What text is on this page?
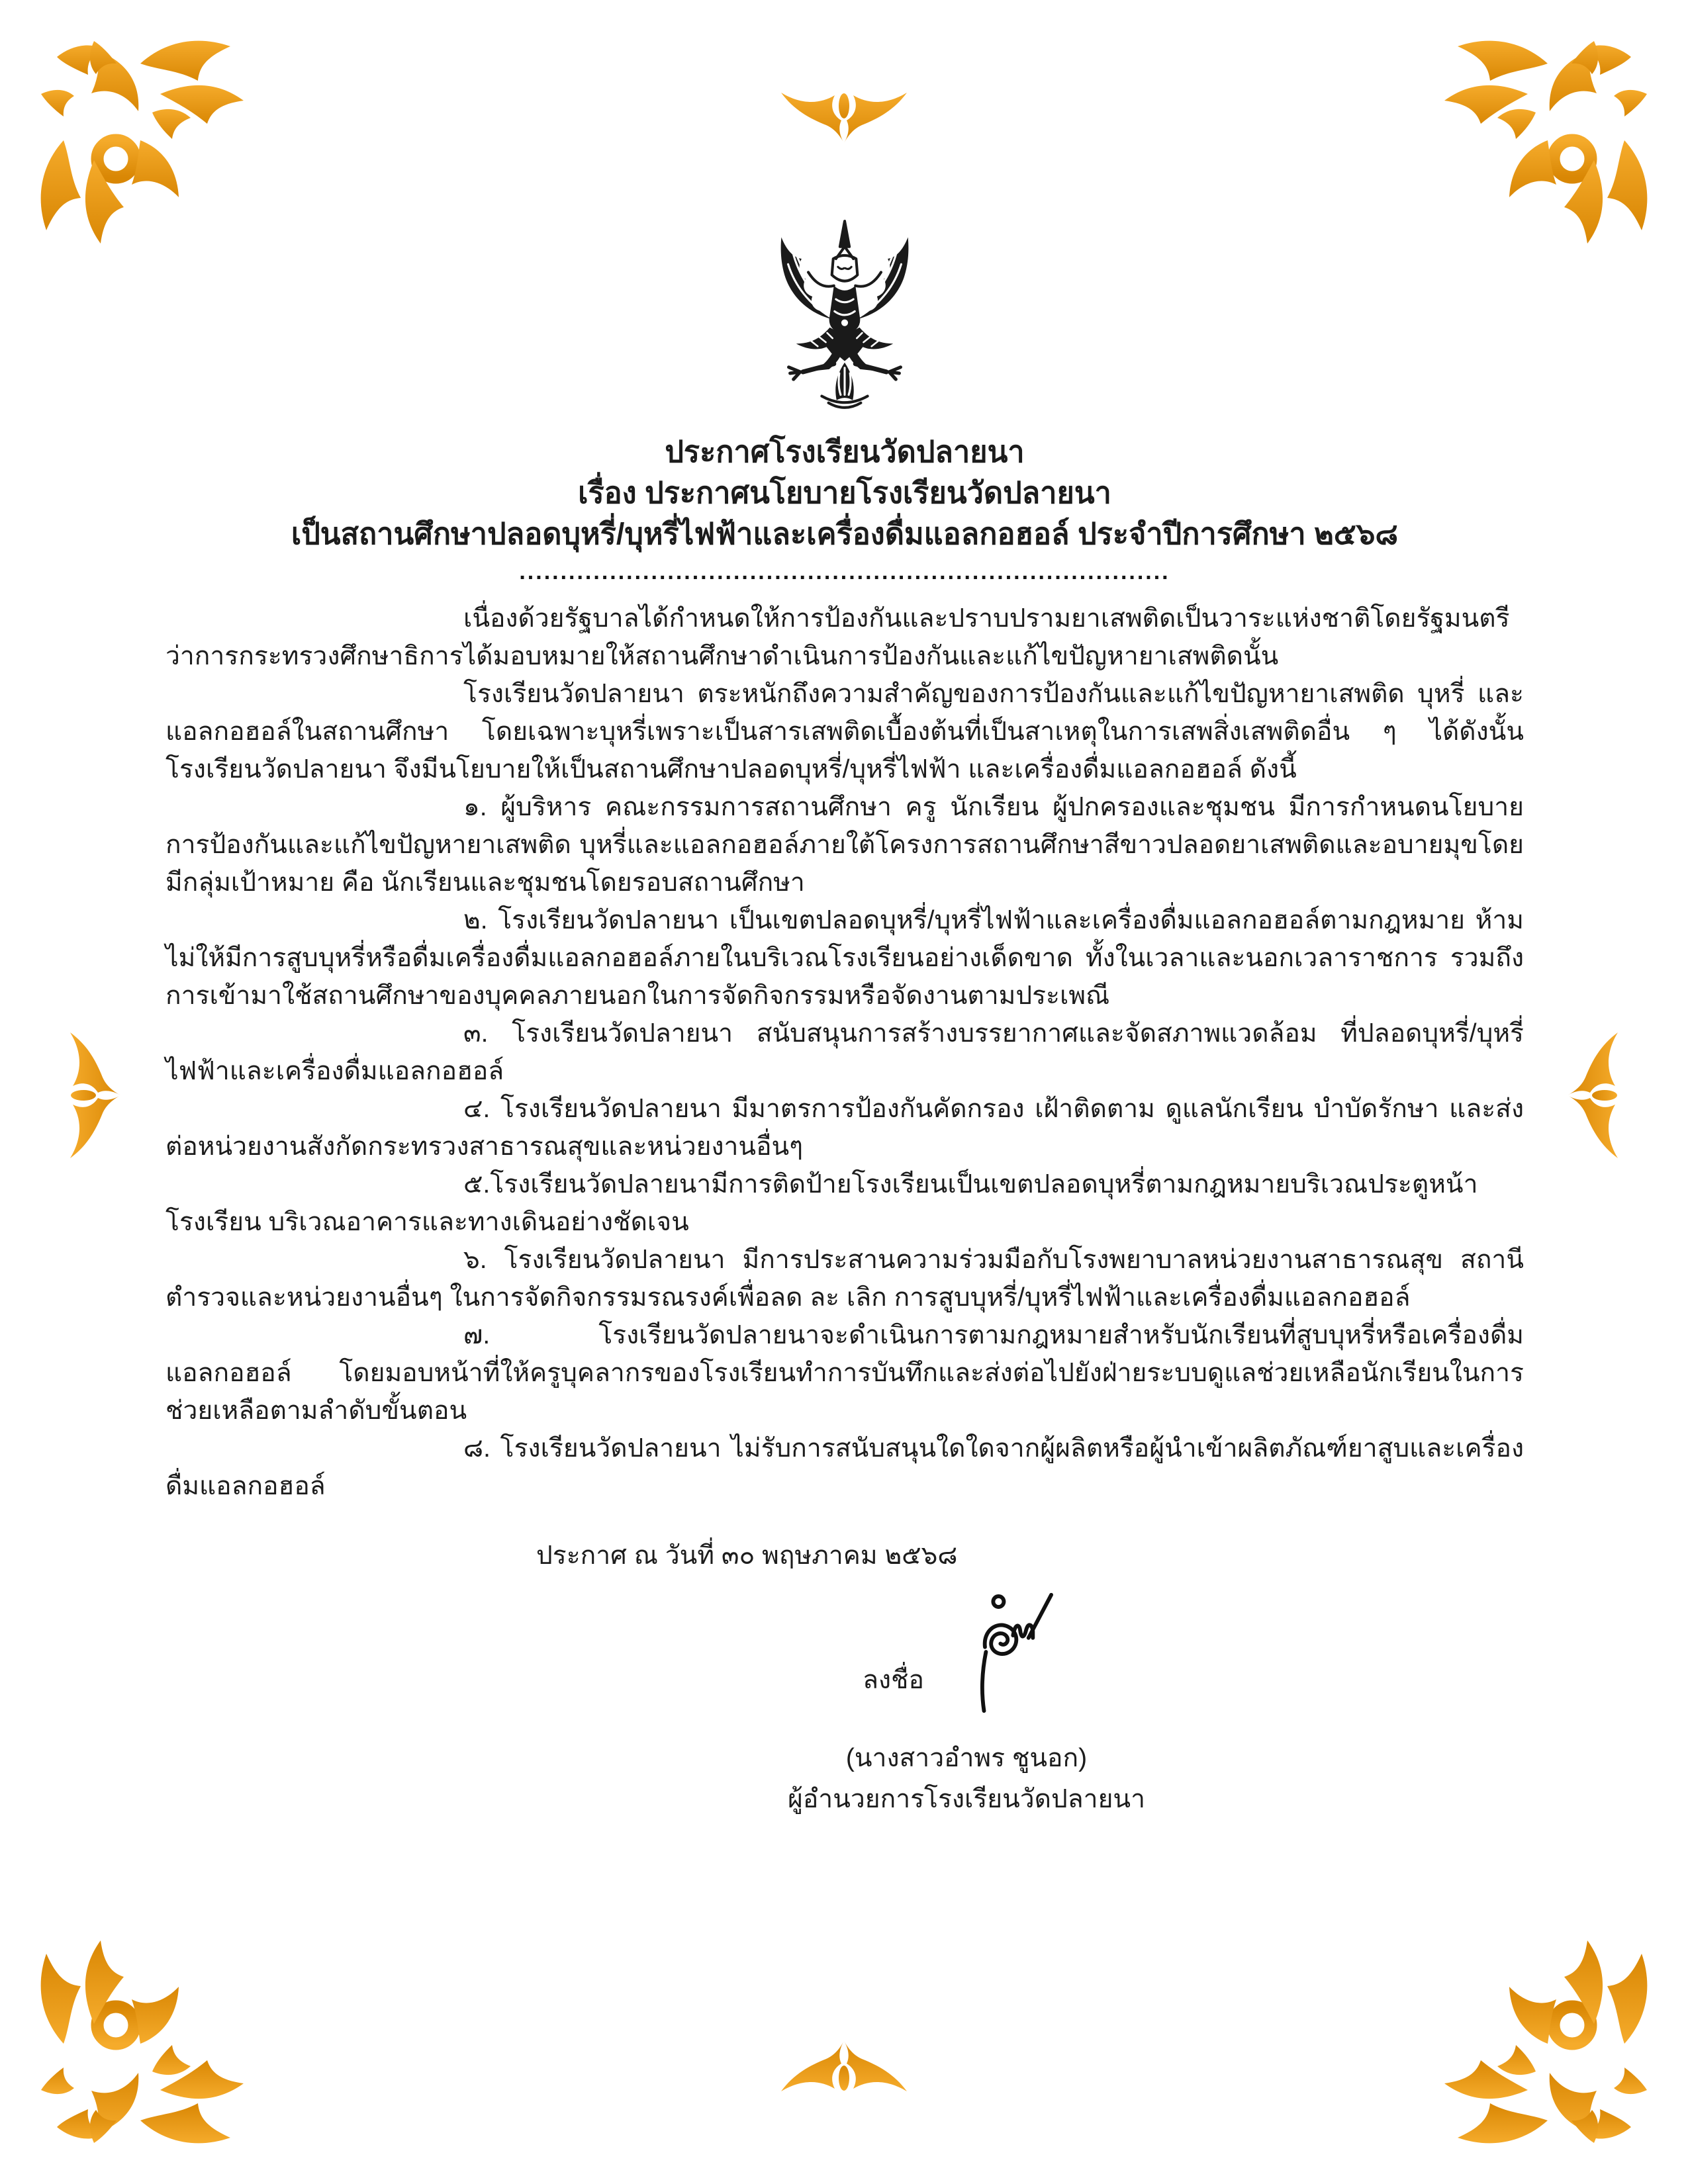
ประกาศโรงเรียนวัดปลายนา
เรื่อง ประกาศนโยบายโรงเรียนวัดปลายนา
เป็นสถานศึกษาปลอดบุหรี่/บุหรี่ไฟฟ้าและเครื่องดื่มแอลกอฮอล์ ประจำปีการศึกษา ๒๕๖๘
...............................................................................

เนื่องด้วยรัฐบาลได้กำหนดให้การป้องกันและปราบปรามยาเสพติดเป็นวาระแห่งชาติโดยรัฐมนตรีว่าการกระทรวงศึกษาธิการได้มอบหมายให้สถานศึกษาดำเนินการป้องกันและแก้ไขปัญหายาเสพติดนั้น

โรงเรียนวัดปลายนา ตระหนักถึงความสำคัญของการป้องกันและแก้ไขปัญหายาเสพติด บุหรี่ และแอลกอฮอล์ในสถานศึกษา โดยเฉพาะบุหรี่เพราะเป็นสารเสพติดเบื้องต้นที่เป็นสาเหตุในการเสพสิ่งเสพติดอื่น ๆ ได้ดังนั้น โรงเรียนวัดปลายนา จึงมีนโยบายให้เป็นสถานศึกษาปลอดบุหรี่/บุหรี่ไฟฟ้า และเครื่องดื่มแอลกอฮอล์ ดังนี้

๑. ผู้บริหาร คณะกรรมการสถานศึกษา ครู นักเรียน ผู้ปกครองและชุมชน มีการกำหนดนโยบายการป้องกันและแก้ไขปัญหายาเสพติด บุหรี่และแอลกอฮอล์ภายใต้โครงการสถานศึกษาสีขาวปลอดยาเสพติดและอบายมุขโดยมีกลุ่มเป้าหมาย คือ นักเรียนและชุมชนโดยรอบสถานศึกษา

๒. โรงเรียนวัดปลายนา เป็นเขตปลอดบุหรี่/บุหรี่ไฟฟ้าและเครื่องดื่มแอลกอฮอล์ตามกฎหมาย ห้ามไม่ให้มีการสูบบุหรี่หรือดื่มเครื่องดื่มแอลกอฮอล์ภายในบริเวณโรงเรียนอย่างเด็ดขาด ทั้งในเวลาและนอกเวลาราชการ รวมถึงการเข้ามาใช้สถานศึกษาของบุคคลภายนอกในการจัดกิจกรรมหรือจัดงานตามประเพณี

๓. โรงเรียนวัดปลายนา สนับสนุนการสร้างบรรยากาศและจัดสภาพแวดล้อม ที่ปลอดบุหรี่/บุหรี่ไฟฟ้าและเครื่องดื่มแอลกอฮอล์

๔. โรงเรียนวัดปลายนา มีมาตรการป้องกันคัดกรอง เฝ้าติดตาม ดูแลนักเรียน บำบัดรักษา และส่งต่อหน่วยงานสังกัดกระทรวงสาธารณสุขและหน่วยงานอื่นๆ

๕.โรงเรียนวัดปลายนามีการติดป้ายโรงเรียนเป็นเขตปลอดบุหรี่ตามกฎหมายบริเวณประตูหน้าโรงเรียน บริเวณอาคารและทางเดินอย่างชัดเจน

๖. โรงเรียนวัดปลายนา มีการประสานความร่วมมือกับโรงพยาบาลหน่วยงานสาธารณสุข สถานีตำรวจและหน่วยงานอื่นๆ ในการจัดกิจกรรมรณรงค์เพื่อลด ละ เลิก การสูบบุหรี่/บุหรี่ไฟฟ้าและเครื่องดื่มแอลกอฮอล์

๗. โรงเรียนวัดปลายนาจะดำเนินการตามกฎหมายสำหรับนักเรียนที่สูบบุหรี่หรือเครื่องดื่มแอลกอฮอล์ โดยมอบหน้าที่ให้ครูบุคลากรของโรงเรียนทำการบันทึกและส่งต่อไปยังฝ่ายระบบดูแลช่วยเหลือนักเรียนในการช่วยเหลือตามลำดับขั้นตอน

๘. โรงเรียนวัดปลายนา ไม่รับการสนับสนุนใดใดจากผู้ผลิตหรือผู้นำเข้าผลิตภัณฑ์ยาสูบและเครื่องดื่มแอลกอฮอล์

ประกาศ ณ วันที่ ๓๐ พฤษภาคม ๒๕๖๘
ลงชื่อ
(นางสาวอำพร ชูนอก)
ผู้อำนวยการโรงเรียนวัดปลายนา
